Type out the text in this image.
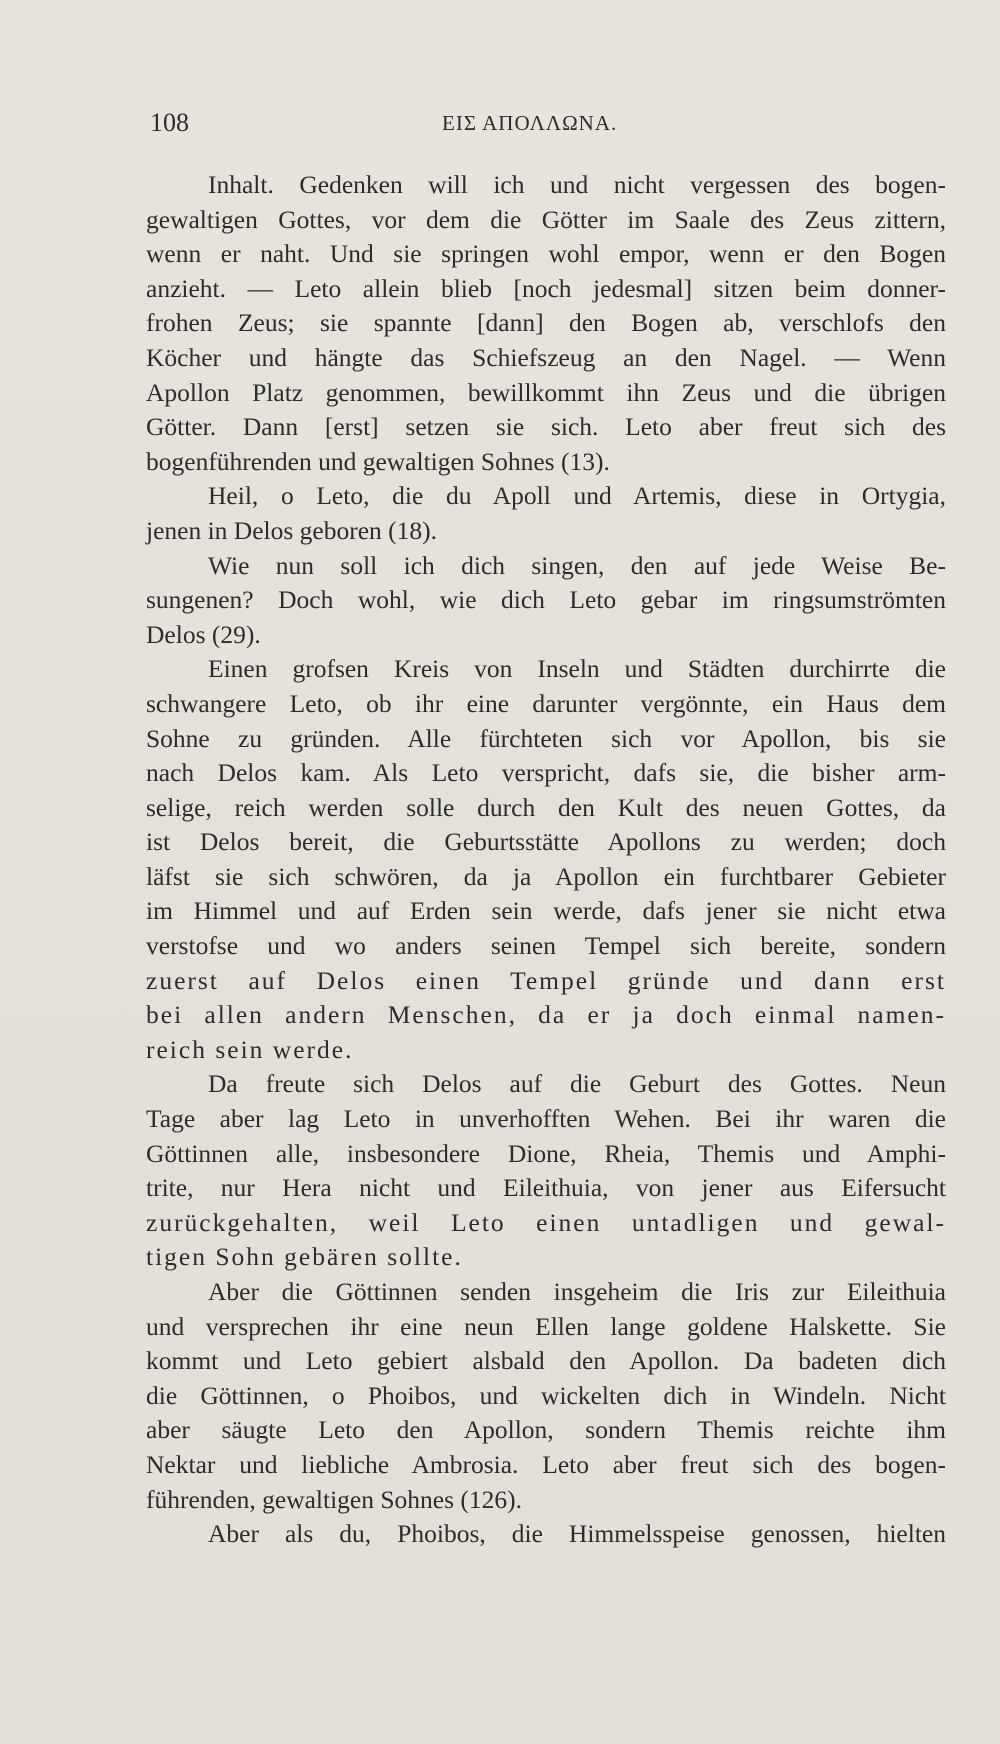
108	ΕΙΣ ΑΠΟΛΛΩΝΑ.
Inhalt. Gedenken will ich und nicht vergessen des bogen-
gewaltigen Gottes, vor dem die Götter im Saale des Zeus zittern,
wenn er naht. Und sie springen wohl empor, wenn er den Bogen
anzieht. — Leto allein blieb [noch jedesmal] sitzen beim donner-
frohen Zeus; sie spannte [dann] den Bogen ab, verschlofs den
Köcher und hängte das Schiefszeug an den Nagel. — Wenn
Apollon Platz genommen, bewillkommt ihn Zeus und die übrigen
Götter. Dann [erst] setzen sie sich. Leto aber freut sich des
bogenführenden und gewaltigen Sohnes (13).
Heil, o Leto, die du Apoll und Artemis, diese in Ortygia,
jenen in Delos geboren (18).
Wie nun soll ich dich singen, den auf jede Weise Be-
sungenen? Doch wohl, wie dich Leto gebar im ringsumströmten
Delos (29).
Einen grofsen Kreis von Inseln und Städten durchirrte die
schwangere Leto, ob ihr eine darunter vergönnte, ein Haus dem
Sohne zu gründen. Alle fürchteten sich vor Apollon, bis sie
nach Delos kam. Als Leto verspricht, dafs sie, die bisher arm-
selige, reich werden solle durch den Kult des neuen Gottes, da
ist Delos bereit, die Geburtsstätte Apollons zu werden; doch
läfst sie sich schwören, da ja Apollon ein furchtbarer Gebieter
im Himmel und auf Erden sein werde, dafs jener sie nicht etwa
verstofse und wo anders seinen Tempel sich bereite, sondern
zuerst auf Delos einen Tempel gründe und dann erst
bei allen andern Menschen, da er ja doch einmal namen-
reich sein werde.
Da freute sich Delos auf die Geburt des Gottes. Neun
Tage aber lag Leto in unverhofften Wehen. Bei ihr waren die
Göttinnen alle, insbesondere Dione, Rheia, Themis und Amphi-
trite, nur Hera nicht und Eileithuia, von jener aus Eifersucht
zurückgehalten, weil Leto einen untadligen und gewal-
tigen Sohn gebären sollte.
Aber die Göttinnen senden insgeheim die Iris zur Eileithuia
und versprechen ihr eine neun Ellen lange goldene Halskette. Sie
kommt und Leto gebiert alsbald den Apollon. Da badeten dich
die Göttinnen, o Phoibos, und wickelten dich in Windeln. Nicht
aber säugte Leto den Apollon, sondern Themis reichte ihm
Nektar und liebliche Ambrosia. Leto aber freut sich des bogen-
führenden, gewaltigen Sohnes (126).
Aber als du, Phoibos, die Himmelsspeise genossen, hielten
